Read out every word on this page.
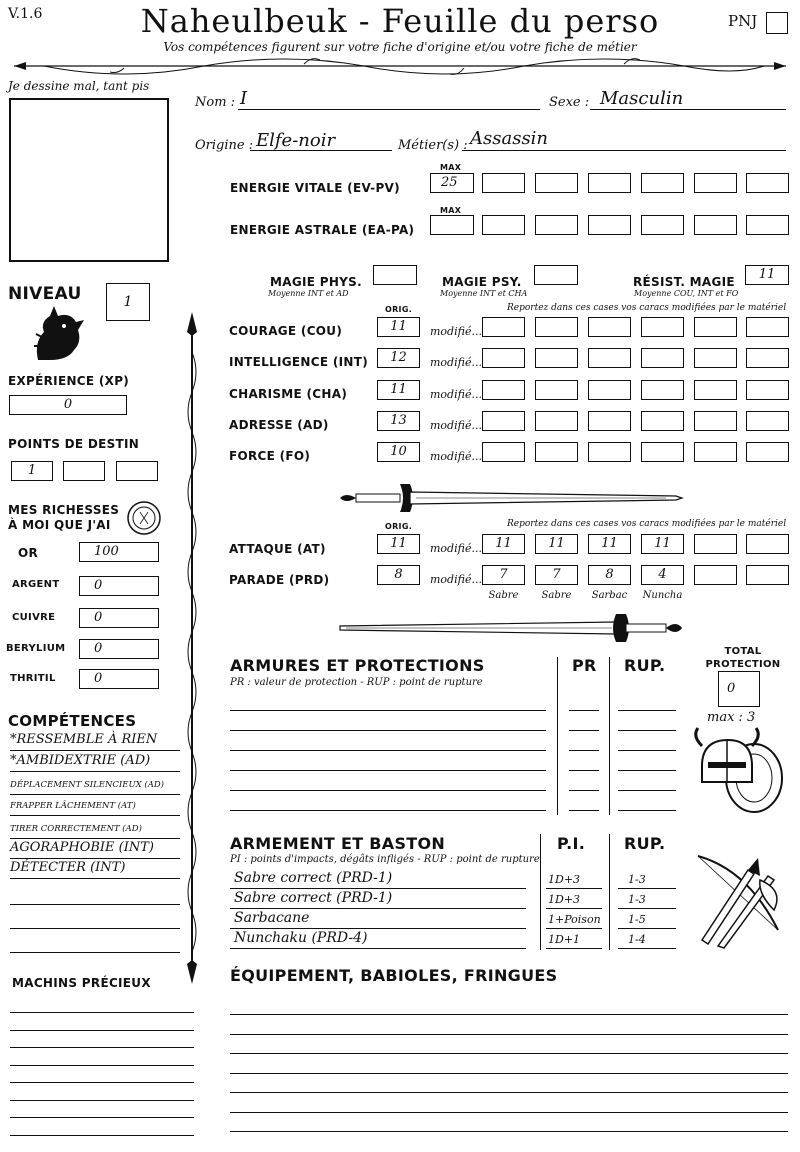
V.1.6	Naheulbeuk - Feuille du perso
Vos compétences figurent sur votre fiche d'origine et/ou votre fiche de métier
PNJ
Je dessine mal, tant pis
NIVEAU	1
EXPÉRIENCE (XP)
0
POINTS DE DESTIN
1
MES RICHESSES À MOI QUE J'AI
OR	100
ARGENT	0
CUIVRE	0
BERYLIUM	0
THRITIL	0
COMPÉTENCES
*RESSEMBLE À RIEN
*AMBIDEXTRIE (AD)
DÉPLACEMENT SILENCIEUX (AD)
FRAPPER LÂCHEMENT (AT)
TIRER CORRECTEMENT (AD)
AGORAPHOBIE (INT)
DÉTECTER (INT)
MACHINS PRÉCIEUX
Nom : I	Sexe : Masculin
Origine : Elfe-noir	Métier(s) : Assassin
MAX
ENERGIE VITALE (EV-PV)	25
MAX
ENERGIE ASTRALE (EA-PA)
MAGIE PHYS.
Moyenne INT et AD
MAGIE PSY.
Moyenne INT et CHA
RÉSIST. MAGIE
Moyenne COU, INT et FO
11
ORIG.	Reportez dans ces cases vos caracs modifiées par le matériel
COURAGE (COU)	11	modifié...
INTELLIGENCE (INT)	12	modifié...
CHARISME (CHA)	11	modifié...
ADRESSE (AD)	13	modifié...
FORCE (FO)	10	modifié...
ORIG.	Reportez dans ces cases vos caracs modifiées par le matériel
ATTAQUE (AT)	11	modifié...	11	11	11	11
PARADE (PRD)	8	modifié...	7	7	8	4
Sabre	Sabre	Sarbac	Nuncha
ARMURES ET PROTECTIONS
PR : valeur de protection - RUP : point de rupture
PR RUP.
TOTAL PROTECTION
0
max : 3
ARMEMENT ET BASTON
PI : points d'impacts, dégâts infligés - RUP : point de rupture
P.I. RUP.
Sabre correct (PRD-1)	1D+3	1-3
Sabre correct (PRD-1)	1D+3	1-3
Sarbacane	1+Poison 1-5
Nunchaku (PRD-4)	1D+1	1-4
ÉQUIPEMENT, BABIOLES, FRINGUES
